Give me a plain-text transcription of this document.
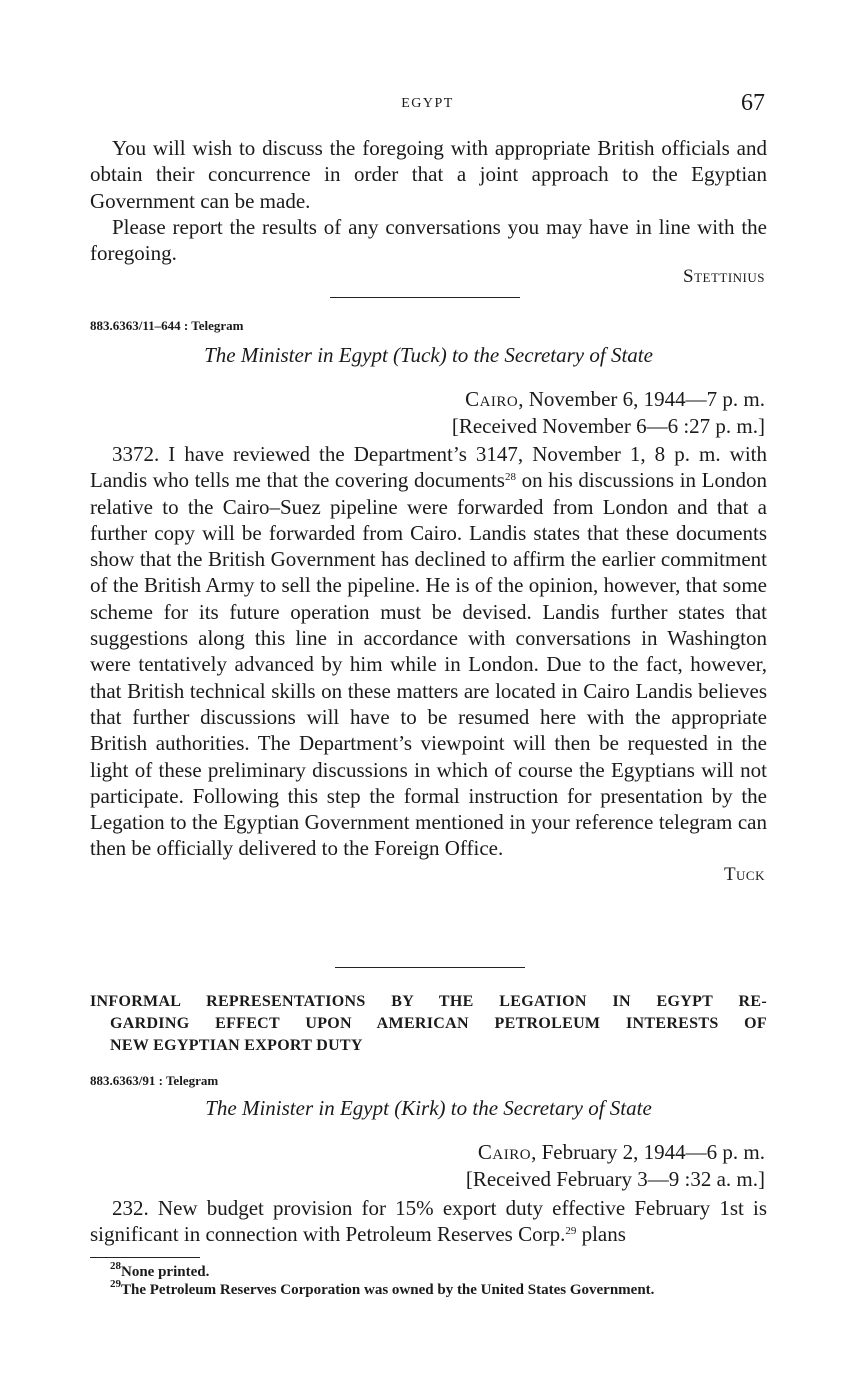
EGYPT	67

You will wish to discuss the foregoing with appropriate British officials and obtain their concurrence in order that a joint approach to the Egyptian Government can be made.

Please report the results of any conversations you may have in line with the foregoing.

Stettinius

883.6363/11–644 : Telegram
The Minister in Egypt (Tuck) to the Secretary of State
Cairo, November 6, 1944—7 p. m.
[Received November 6—6 :27 p. m.]

3372. I have reviewed the Department’s 3147, November 1, 8 p. m. with Landis who tells me that the covering documents$^{28}$ on his discussions in London relative to the Cairo–Suez pipeline were forwarded from London and that a further copy will be forwarded from Cairo. Landis states that these documents show that the British Government has declined to affirm the earlier commitment of the British Army to sell the pipeline. He is of the opinion, however, that some scheme for its future operation must be devised. Landis further states that suggestions along this line in accordance with conversations in Washington were tentatively advanced by him while in London. Due to the fact, however, that British technical skills on these matters are located in Cairo Landis believes that further discussions will have to be resumed here with the appropriate British authorities. The Department’s viewpoint will then be requested in the light of these preliminary discussions in which of course the Egyptians will not participate. Following this step the formal instruction for presentation by the Legation to the Egyptian Government mentioned in your reference telegram can then be officially delivered to the Foreign Office.

Tuck

INFORMAL REPRESENTATIONS BY THE LEGATION IN EGYPT RE-
GARDING EFFECT UPON AMERICAN PETROLEUM INTERESTS OF
NEW EGYPTIAN EXPORT DUTY
883.6363/91 : Telegram
The Minister in Egypt (Kirk) to the Secretary of State
Cairo, February 2, 1944—6 p. m.
[Received February 3—9 :32 a. m.]

232. New budget provision for 15% export duty effective February 1st is significant in connection with Petroleum Reserves Corp.$^{29}$ plans

$^{28}$None printed.

$^{29}$The Petroleum Reserves Corporation was owned by the United States Government.
